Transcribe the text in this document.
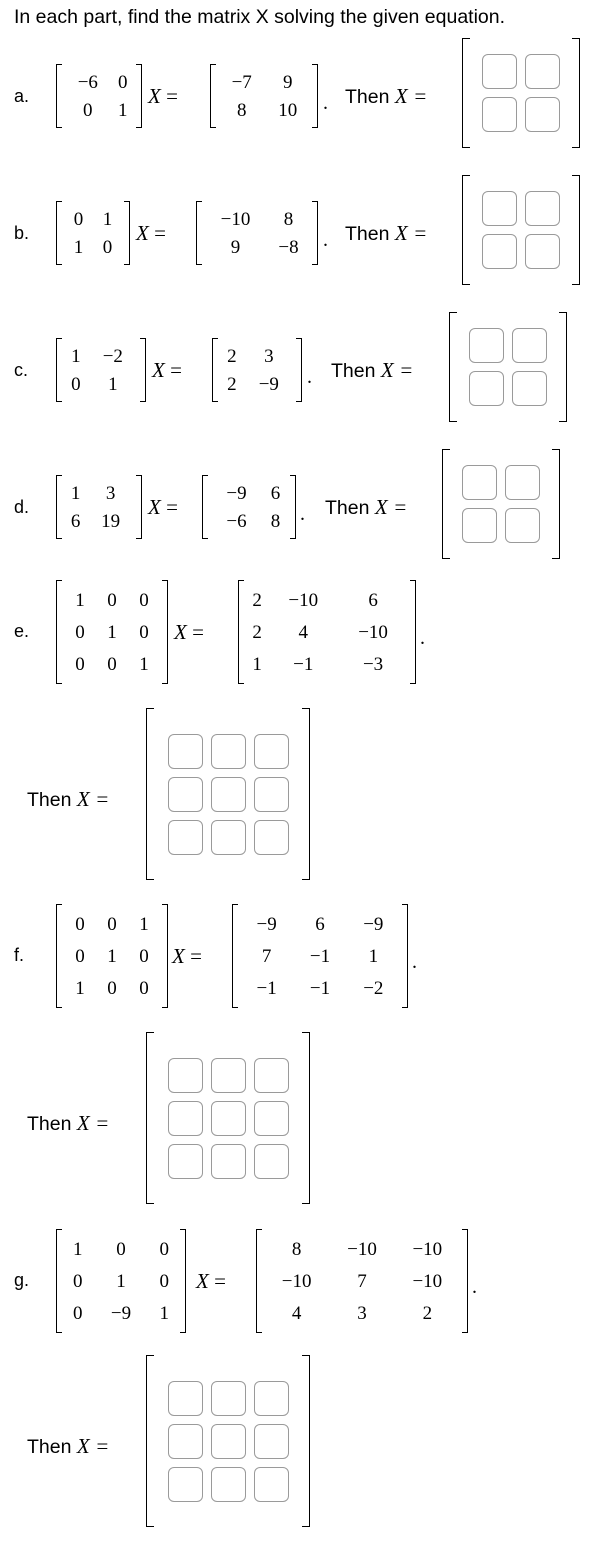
In each part, find the matrix X solving the given equation.
a.
b.
c.
d.
e.
f.
g.
−6	0
0	1
−7	9
8	10
0	1
1	0
−10	8
9	−8
1	−2
0	1
2	3
2	−9
1	3
6	19
−9	6
−6	8
1	0	0
0	1	0
0	0	1
2	−10	6
2	4	−10
1	−1	−3
0	0	1
0	1	0
1	0	0
−9	6	−9
7	−1	1
−1	−1	−2
1	0	0
0	1	0
0	−9	1
8	−10	−10
−10	7	−10
4	3	2
X =
X =
X =
X =
X =
X =
X =
.
.
.
.
.
.
.
Then X =
Then X =
Then X =
Then X =
Then X =
Then X =
Then X =
